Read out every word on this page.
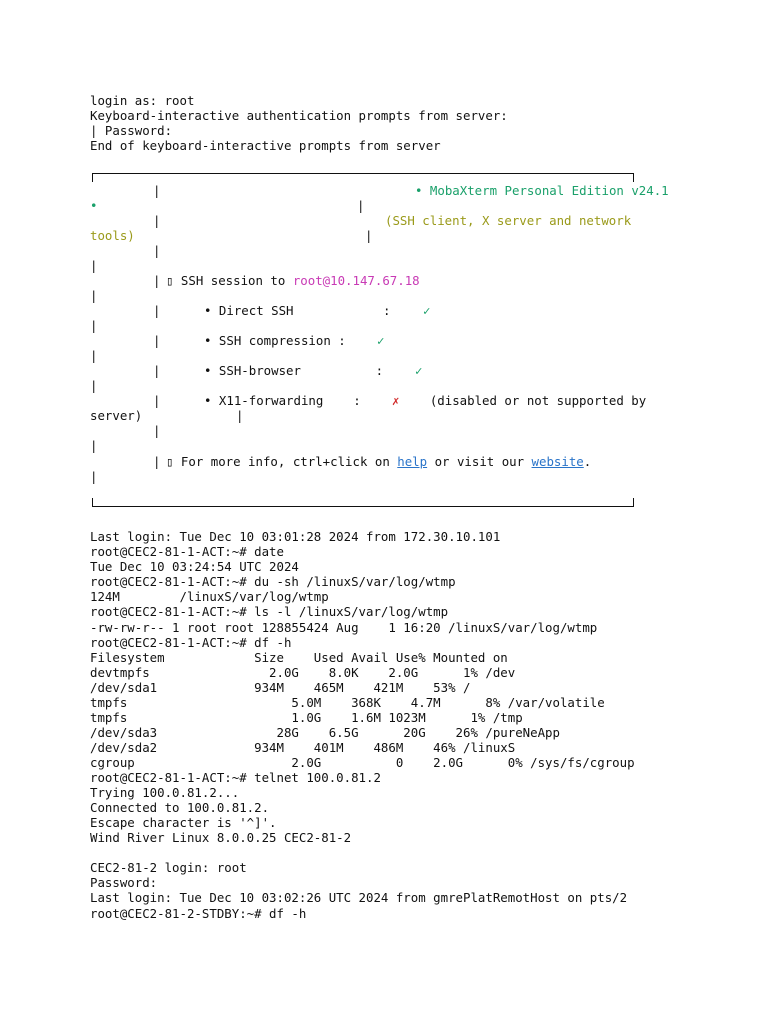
login as: root
Keyboard-interactive authentication prompts from server:
| Password:
End of keyboard-interactive prompts from server
|	• MobaXterm Personal Edition v24.1
•	|
|	(SSH client, X server and network
tools)	|
|
|
| ▯ SSH session to root@10.147.67.18
|
|	• Direct SSH            :	✓
|
|	• SSH compression :	✓
|
|	• SSH-browser          :	✓
|
|	• X11-forwarding    :	✗ (disabled or not supported by
server)	|
|
|
| ▯ For more info, ctrl+click on help or visit our website.
|
Last login: Tue Dec 10 03:01:28 2024 from 172.30.10.101
root@CEC2-81-1-ACT:~# date
Tue Dec 10 03:24:54 UTC 2024
root@CEC2-81-1-ACT:~# du -sh /linuxS/var/log/wtmp
124M        /linuxS/var/log/wtmp
root@CEC2-81-1-ACT:~# ls -l /linuxS/var/log/wtmp
-rw-rw-r-- 1 root root 128855424 Aug    1 16:20 /linuxS/var/log/wtmp
root@CEC2-81-1-ACT:~# df -h
Filesystem            Size    Used Avail Use% Mounted on
devtmpfs                2.0G    8.0K    2.0G      1% /dev
/dev/sda1             934M    465M    421M    53% /
tmpfs                      5.0M    368K    4.7M      8% /var/volatile
tmpfs                      1.0G    1.6M 1023M      1% /tmp
/dev/sda3                28G    6.5G      20G    26% /pureNeApp
/dev/sda2             934M    401M    486M    46% /linuxS
cgroup                     2.0G          0    2.0G      0% /sys/fs/cgroup
root@CEC2-81-1-ACT:~# telnet 100.0.81.2
Trying 100.0.81.2...
Connected to 100.0.81.2.
Escape character is '^]'.
Wind River Linux 8.0.0.25 CEC2-81-2
CEC2-81-2 login: root
Password:
Last login: Tue Dec 10 03:02:26 UTC 2024 from gmrePlatRemotHost on pts/2
root@CEC2-81-2-STDBY:~# df -h
